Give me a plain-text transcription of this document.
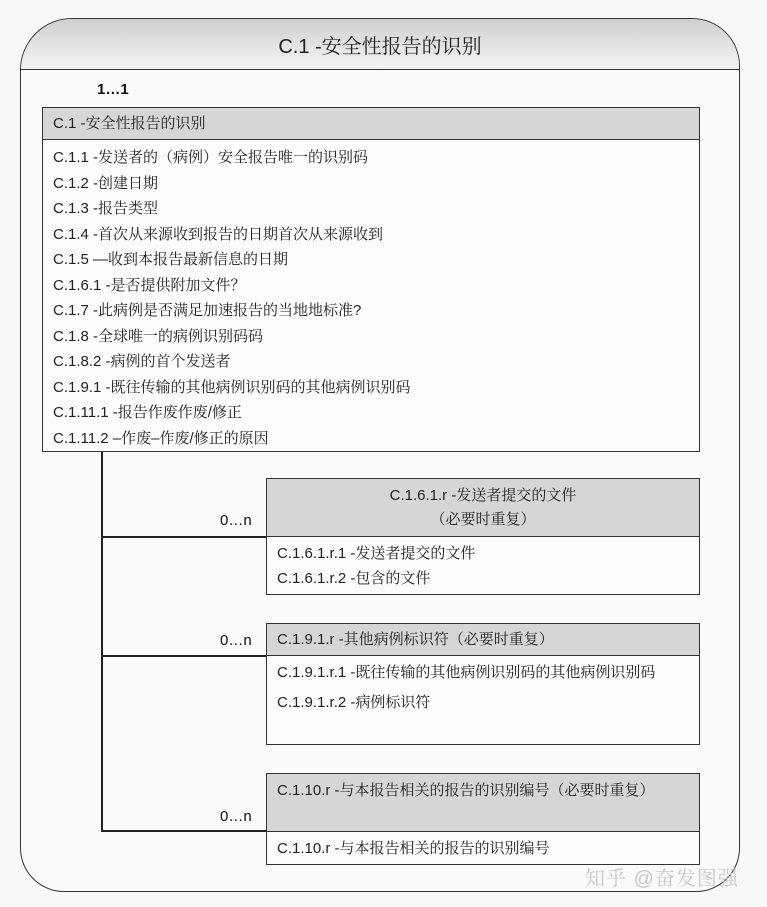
C.1 -安全性报告的识别
1…1
C.1 -安全性报告的识别
C.1.1 -发送者的（病例）安全报告唯一的识别码
C.1.2 -创建日期
C.1.3 -报告类型
C.1.4 -首次从来源收到报告的日期首次从来源收到
C.1.5 —收到本报告最新信息的日期
C.1.6.1 -是否提供附加文件？
C.1.7 -此病例是否满足加速报告的当地地标准?
C.1.8 -全球唯一的病例识别码码
C.1.8.2 -病例的首个发送者
C.1.9.1 -既往传输的其他病例识别码的其他病例识别码
C.1.11.1 -报告作废作废/修正
C.1.11.2 –作废–作废/修正的原因
0…n
C.1.6.1.r -发送者提交的文件
（必要时重复）
C.1.6.1.r.1 -发送者提交的文件
C.1.6.1.r.2 -包含的文件
0…n	C.1.9.1.r -其他病例标识符（必要时重复）
C.1.9.1.r.1 -既往传输的其他病例识别码的其他病例识别码
C.1.9.1.r.2 -病例标识符
0…n
C.1.10.r -与本报告相关的报告的识别编号（必要时重复）
C.1.10.r -与本报告相关的报告的识别编号
知乎 @奋发图强
